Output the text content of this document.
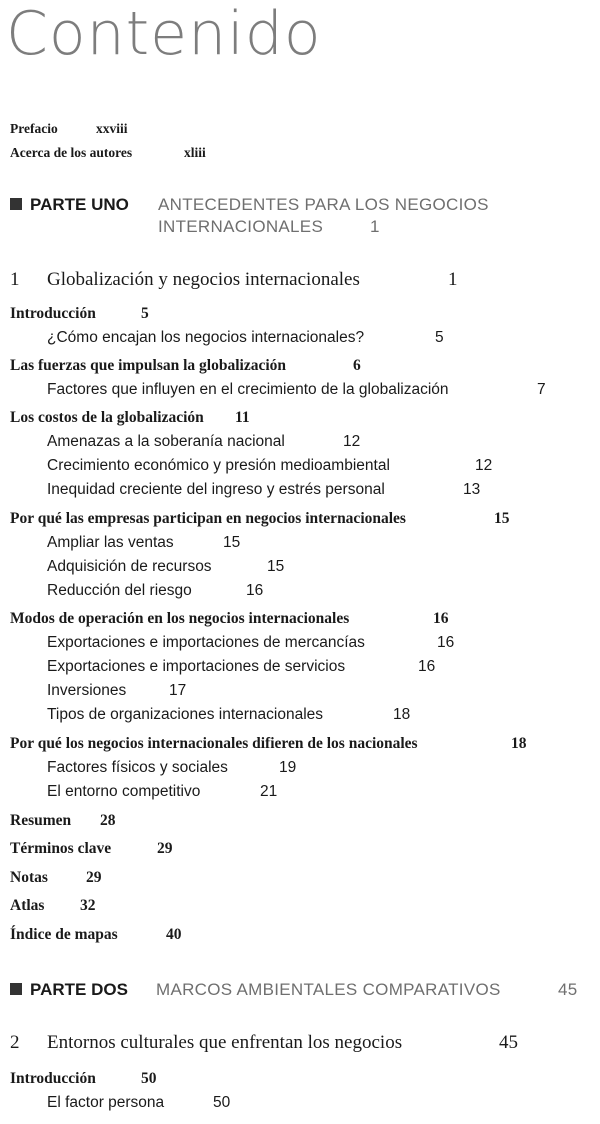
Contenido
Prefacio	xxviii
Acerca de los autores	xliii
PARTE UNO ANTECEDENTES PARA LOS NEGOCIOS
INTERNACIONALES	1
1 Globalización y negocios internacionales	1
Introducción	5
¿Cómo encajan los negocios internacionales?	5
Las fuerzas que impulsan la globalización	6
Factores que influyen en el crecimiento de la globalización	7
Los costos de la globalización 11
Amenazas a la soberanía nacional	12
Crecimiento económico y presión medioambiental	12
Inequidad creciente del ingreso y estrés personal	13
Por qué las empresas participan en negocios internacionales	15
Ampliar las ventas	15
Adquisición de recursos	15
Reducción del riesgo	16
Modos de operación en los negocios internacionales	16
Exportaciones e importaciones de mercancías	16
Exportaciones e importaciones de servicios	16
Inversiones	17
Tipos de organizaciones internacionales	18
Por qué los negocios internacionales difieren de los nacionales	18
Factores físicos y sociales	19
El entorno competitivo	21
Resumen 28
Términos clave	29
Notas 29
Atlas 32
Índice de mapas	40
PARTE DOS MARCOS AMBIENTALES COMPARATIVOS	45
2 Entornos culturales que enfrentan los negocios	45
Introducción	50
El factor persona	50
